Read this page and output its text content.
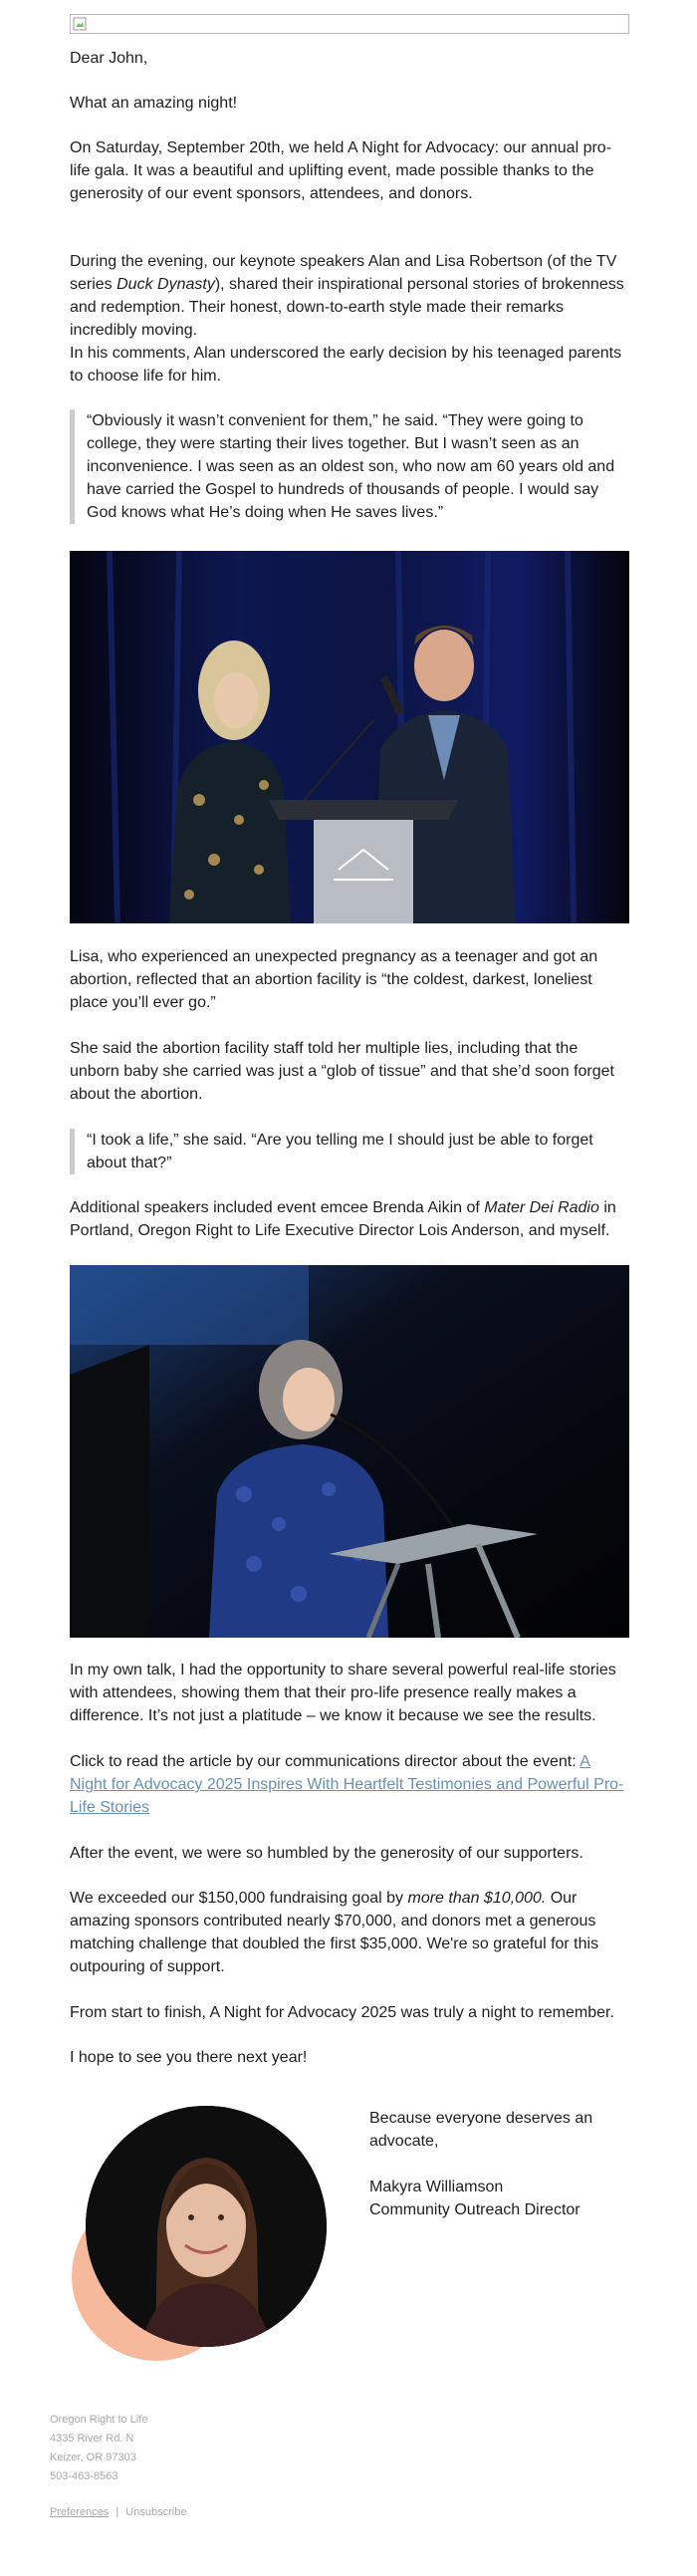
Dear John,

What an amazing night!

On Saturday, September 20th, we held A Night for Advocacy: our annual pro-life gala. It was a beautiful and uplifting event, made possible thanks to the generosity of our event sponsors, attendees, and donors.

During the evening, our keynote speakers Alan and Lisa Robertson (of the TV series Duck Dynasty), shared their inspirational personal stories of brokenness and redemption. Their honest, down-to-earth style made their remarks incredibly moving.

In his comments, Alan underscored the early decision by his teenaged parents to choose life for him.

“Obviously it wasn’t convenient for them,” he said. “They were going to college, they were starting their lives together. But I wasn’t seen as an inconvenience. I was seen as an oldest son, who now am 60 years old and have carried the Gospel to hundreds of thousands of people. I would say God knows what He’s doing when He saves lives.”

Lisa, who experienced an unexpected pregnancy as a teenager and got an abortion, reflected that an abortion facility is “the coldest, darkest, loneliest place you’ll ever go.”

She said the abortion facility staff told her multiple lies, including that the unborn baby she carried was just a “glob of tissue” and that she’d soon forget about the abortion.

“I took a life,” she said. “Are you telling me I should just be able to forget about that?”

Additional speakers included event emcee Brenda Aikin of Mater Dei Radio in Portland, Oregon Right to Life Executive Director Lois Anderson, and myself.

In my own talk, I had the opportunity to share several powerful real-life stories with attendees, showing them that their pro-life presence really makes a difference. It’s not just a platitude – we know it because we see the results.

Click to read the article by our communications director about the event: A Night for Advocacy 2025 Inspires With Heartfelt Testimonies and Powerful Pro-Life Stories

After the event, we were so humbled by the generosity of our supporters.

We exceeded our $150,000 fundraising goal by more than $10,000. Our amazing sponsors contributed nearly $70,000, and donors met a generous matching challenge that doubled the first $35,000. We're so grateful for this outpouring of support.

From start to finish, A Night for Advocacy 2025 was truly a night to remember.

I hope to see you there next year!

Because everyone deserves an advocate,
Makyra Williamson
Community Outreach Director
Oregon Right to Life
4335 River Rd. N
Keizer, OR 97303
503-463-8563
Preferences | Unsubscribe
